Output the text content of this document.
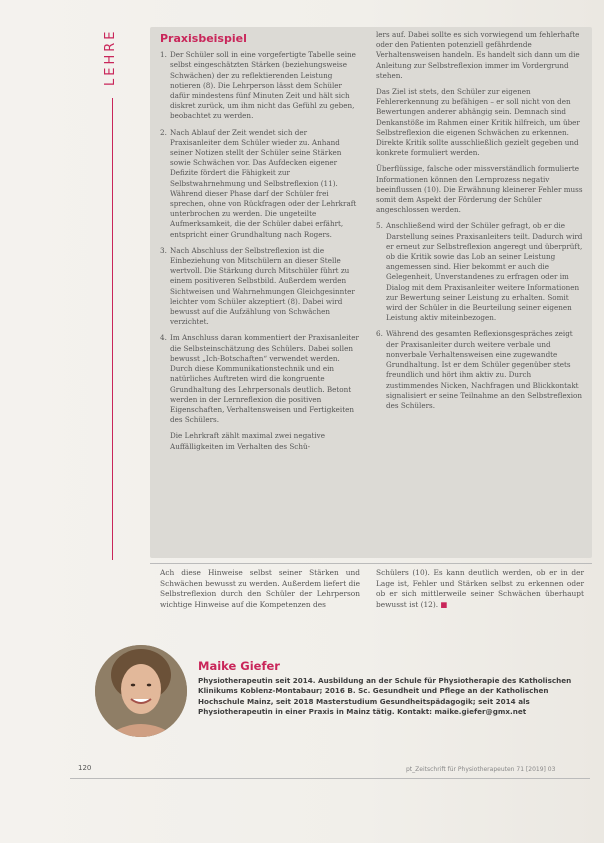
LEHRE	Praxisbeispiel
1. Der Schüler soll in eine vorgefertigte Tabelle seine selbst eingeschätzten Stärken (beziehungsweise Schwächen) der zu reflektierenden Leistung notieren (8). Die Lehrperson lässt dem Schüler dafür mindestens fünf Minuten Zeit und hält sich diskret zurück, um ihm nicht das Gefühl zu geben, beobachtet zu werden.
2. Nach Ablauf der Zeit wendet sich der Praxisanleiter dem Schüler wieder zu. Anhand seiner Notizen stellt der Schüler seine Stärken sowie Schwächen vor. Das Aufdecken eigener Defizite fördert die Fähigkeit zur Selbstwahrnehmung und Selbstreflexion (11). Während dieser Phase darf der Schüler frei sprechen, ohne von Rückfragen oder der Lehrkraft unterbrochen zu werden. Die ungeteilte Aufmerksamkeit, die der Schüler dabei erfährt, entspricht einer Grundhaltung nach Rogers.
3. Nach Abschluss der Selbstreflexion ist die Einbeziehung von Mitschülern an dieser Stelle wertvoll. Die Stärkung durch Mitschüler führt zu einem positiveren Selbstbild. Außerdem werden Sichtweisen und Wahrnehmungen Gleichgesinnter leichter vom Schüler akzeptiert (8). Dabei wird bewusst auf die Aufzählung von Schwächen verzichtet.
4. Im Anschluss daran kommentiert der Praxisanleiter die Selbsteinschätzung des Schülers. Dabei sollen bewusst „Ich-Botschaften“ verwendet werden. Durch diese Kommunikationstechnik und ein natürliches Auftreten wird die kongruente Grundhaltung des Lehrpersonals deutlich. Betont werden in der Lernreflexion die positiven Eigenschaften, Verhaltensweisen und Fertigkeiten des Schülers.

Die Lehrkraft zählt maximal zwei negative Auffälligkeiten im Verhalten des Schü-

lers auf. Dabei sollte es sich vorwiegend um fehlerhafte oder den Patienten potenziell gefährdende Verhaltensweisen handeln. Es handelt sich dann um die Anleitung zur Selbstreflexion immer im Vordergrund stehen.

Das Ziel ist stets, den Schüler zur eigenen Fehlererkennung zu befähigen – er soll nicht von den Bewertungen anderer abhängig sein. Demnach sind Denkanstöße im Rahmen einer Kritik hilfreich, um über Selbstreflexion die eigenen Schwächen zu erkennen. Direkte Kritik sollte ausschließlich gezielt gegeben und konkrete formuliert werden.

Überflüssige, falsche oder missverständlich formulierte Informationen können den Lernprozess negativ beeinflussen (10). Die Erwähnung kleinerer Fehler muss somit dem Aspekt der Förderung der Schüler angeschlossen werden.

5. Anschließend wird der Schüler gefragt, ob er die Darstellung seines Praxisanleiters teilt. Dadurch wird er erneut zur Selbstreflexion angeregt und überprüft, ob die Kritik sowie das Lob an seiner Leistung angemessen sind. Hier bekommt er auch die Gelegenheit, Unverstandenes zu erfragen oder im Dialog mit dem Praxisanleiter weitere Informationen zur Bewertung seiner Leistung zu erhalten. Somit wird der Schüler in die Beurteilung seiner eigenen Leistung aktiv miteinbezogen.
6. Während des gesamten Reflexionsgespräches zeigt der Praxisanleiter durch weitere verbale und nonverbale Verhaltensweisen eine zugewandte Grundhaltung. Ist er dem Schüler gegenüber stets freundlich und hört ihm aktiv zu. Durch zustimmendes Nicken, Nachfragen und Blickkontakt signalisiert er seine Teilnahme an den Selbstreflexion des Schülers.
Ach diese Hinweise selbst seiner Stärken und Schwächen bewusst zu werden. Außerdem liefert die Selbstreflexion durch den Schüler der Lehrperson wichtige Hinweise auf die Kompetenzen des
Schülers (10). Es kann deutlich werden, ob er in der Lage ist, Fehler und Stärken selbst zu erkennen oder ob er sich mittlerweile seiner Schwächen überhaupt bewusst ist (12). ■
Maike Giefer
Physiotherapeutin seit 2014. Ausbildung an der Schule für Physiotherapie des Katholischen Klinikums Koblenz-Montabaur; 2016 B. Sc. Gesundheit und Pflege an der Katholischen Hochschule Mainz, seit 2018 Masterstudium Gesundheitspädagogik; seit 2014 als Physiotherapeutin in einer Praxis in Mainz tätig. Kontakt: maike.giefer@gmx.net
120	pt_Zeitschrift für Physiotherapeuten 71 [2019] 03
